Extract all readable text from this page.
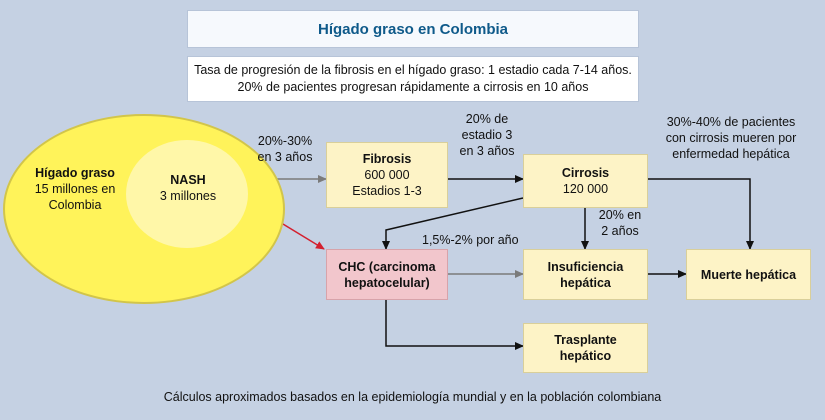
Hígado graso en Colombia
Tasa de progresión de la fibrosis en el hígado graso: 1 estadio cada 7-14 años.
20% de pacientes progresan rápidamente a cirrosis en 10 años
Hígado graso
15 millones en
Colombia
NASH
3 millones
Fibrosis
600 000
Estadios 1-3
Cirrosis
120 000
CHC (carcinoma
hepatocelular)
Insuficiencia
hepática
Muerte hepática
Trasplante
hepático
20%-30%
en 3 años
20% de
estadio 3
en 3 años
30%-40% de pacientes
con cirrosis mueren por
enfermedad hepática
1,5%-2% por año
20% en
2 años
Cálculos aproximados basados en la epidemiología mundial y en la población colombiana
